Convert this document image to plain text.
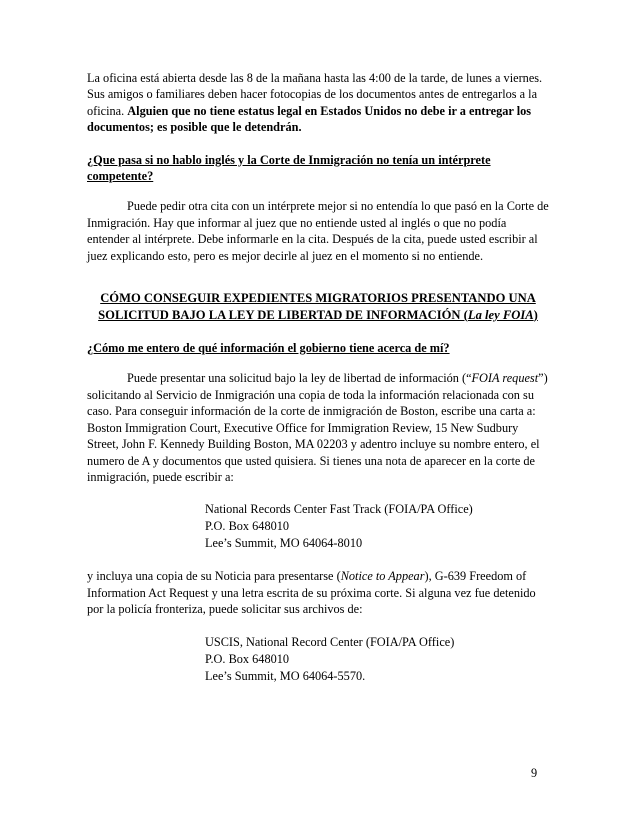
La oficina está abierta desde las 8 de la mañana hasta las 4:00 de la tarde, de lunes a viernes. Sus amigos o familiares deben hacer fotocopias de los documentos antes de entregarlos a la oficina. Alguien que no tiene estatus legal en Estados Unidos no debe ir a entregar los documentos; es posible que le detendrán.

¿Que pasa si no hablo inglés y la Corte de Inmigración no tenía un intérprete competente?

Puede pedir otra cita con un intérprete mejor si no entendía lo que pasó en la Corte de Inmigración. Hay que informar al juez que no entiende usted al inglés o que no podía entender al intérprete. Debe informarle en la cita. Después de la cita, puede usted escribir al juez explicando esto, pero es mejor decirle al juez en el momento si no entiende.

CÓMO CONSEGUIR EXPEDIENTES MIGRATORIOS PRESENTANDO UNA

SOLICITUD BAJO LA LEY DE LIBERTAD DE INFORMACIÓN (La ley FOIA)

¿Cómo me entero de qué información el gobierno tiene acerca de mí?

Puede presentar una solicitud bajo la ley de libertad de información (“FOIA request”) solicitando al Servicio de Inmigración una copia de toda la información relacionada con su caso. Para conseguir información de la corte de inmigración de Boston, escribe una carta a: Boston Immigration Court, Executive Office for Immigration Review, 15 New Sudbury Street, John F. Kennedy Building Boston, MA 02203 y adentro incluye su nombre entero, el numero de A y documentos que usted quisiera. Si tienes una nota de aparecer en la corte de inmigración, puede escribir a:

National Records Center Fast Track (FOIA/PA Office)
P.O. Box 648010
Lee’s Summit, MO 64064-8010

y incluya una copia de su Noticia para presentarse (Notice to Appear), G-639 Freedom of Information Act Request y una letra escrita de su próxima corte. Si alguna vez fue detenido por la policía fronteriza, puede solicitar sus archivos de:

USCIS, National Record Center (FOIA/PA Office)
P.O. Box 648010
Lee’s Summit, MO 64064-5570.
9
